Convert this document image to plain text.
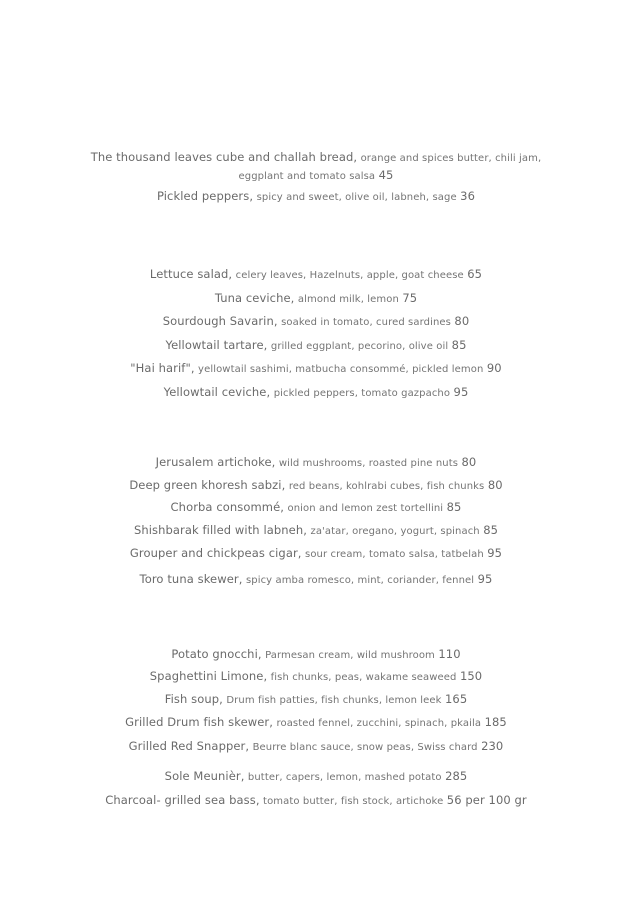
The thousand leaves cube and challah bread, orange and spices butter, chili jam, eggplant and tomato salsa 45
Pickled peppers, spicy and sweet, olive oil, labneh, sage 36
Lettuce salad, celery leaves, Hazelnuts, apple, goat cheese 65
Tuna ceviche, almond milk, lemon 75
Sourdough Savarin, soaked in tomato, cured sardines 80
Yellowtail tartare, grilled eggplant, pecorino, olive oil 85
"Hai harif", yellowtail sashimi, matbucha consommé, pickled lemon 90
Yellowtail ceviche, pickled peppers, tomato gazpacho 95
Jerusalem artichoke, wild mushrooms, roasted pine nuts 80
Deep green khoresh sabzi, red beans, kohlrabi cubes, fish chunks 80
Chorba consommé, onion and lemon zest tortellini 85
Shishbarak filled with labneh, za'atar, oregano, yogurt, spinach 85
Grouper and chickpeas cigar, sour cream, tomato salsa, tatbelah 95
Toro tuna skewer, spicy amba romesco, mint, coriander, fennel 95
Potato gnocchi, Parmesan cream, wild mushroom 110
Spaghettini Limone, fish chunks, peas, wakame seaweed 150
Fish soup, Drum fish patties, fish chunks, lemon leek 165
Grilled Drum fish skewer, roasted fennel, zucchini, spinach, pkaila 185
Grilled Red Snapper, Beurre blanc sauce, snow peas, Swiss chard 230
Sole Meunièr, butter, capers, lemon, mashed potato 285
Charcoal- grilled sea bass, tomato butter, fish stock, artichoke 56 per 100 gr
